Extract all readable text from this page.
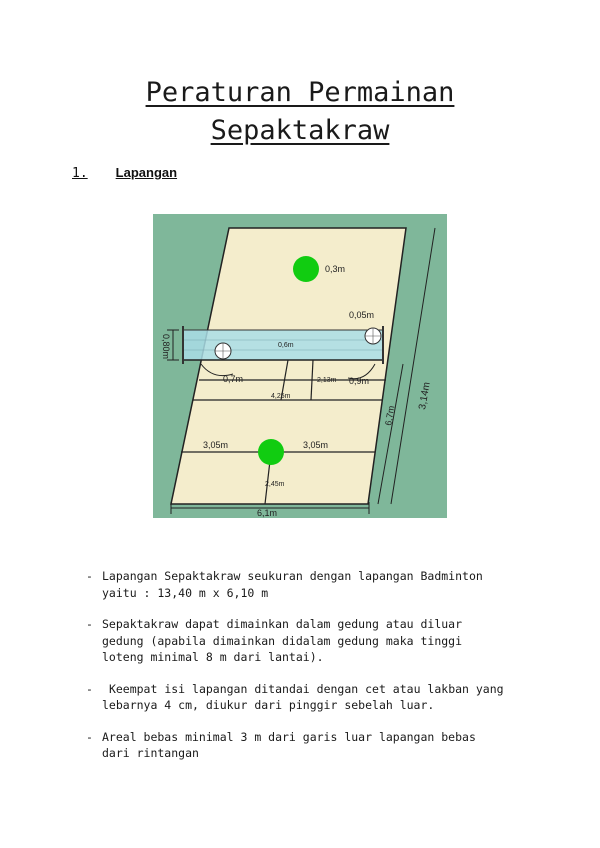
Peraturan Permainan
Sepaktakraw
1. Lapangan
0,3m
0,05m
0,6m
0,7m	0,9m
2,13m
4,25m
3,05m	3,05m
2,45m
6,1m
0,80m
6,7m
3,14m
- Lapangan Sepaktakraw seukuran dengan lapangan Badminton
yaitu : 13,40 m x 6,10 m
- Sepaktakraw dapat dimainkan dalam gedung atau diluar
gedung (apabila dimainkan didalam gedung maka tinggi
loteng minimal 8 m dari lantai).
- Keempat isi lapangan ditandai dengan cet atau lakban yang
lebarnya 4 cm, diukur dari pinggir sebelah luar.
- Areal bebas minimal 3 m dari garis luar lapangan bebas
dari rintangan
